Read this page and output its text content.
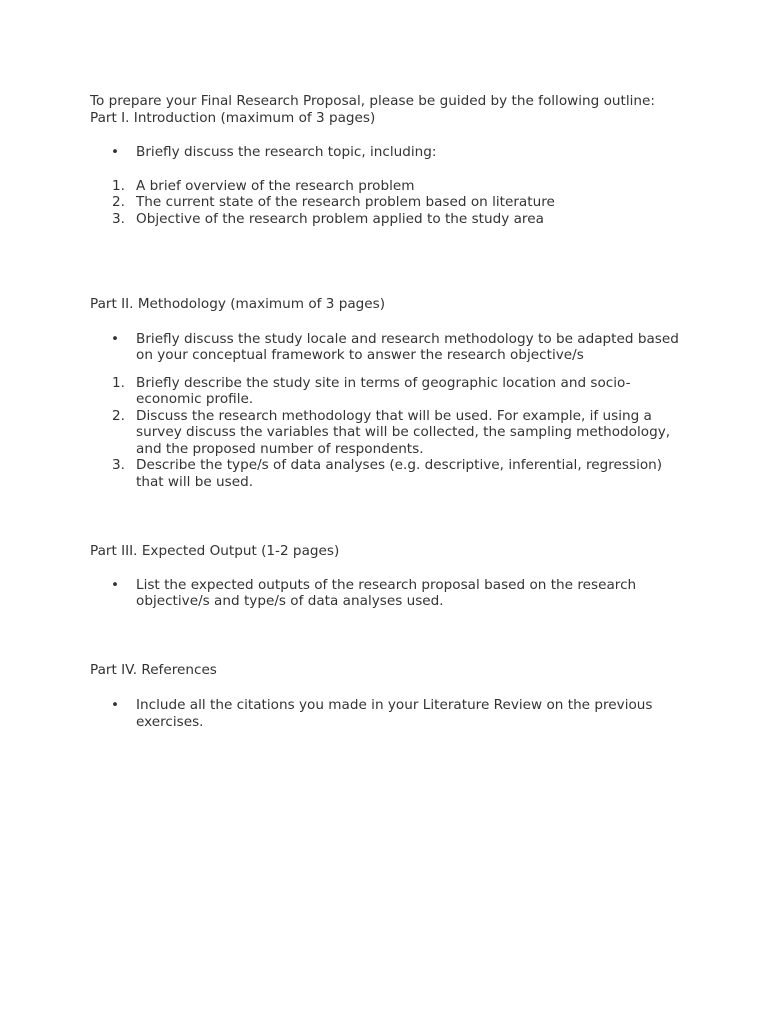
To prepare your Final Research Proposal, please be guided by the following outline:

Part I. Introduction (maximum of 3 pages)

• Briefly discuss the research topic, including:
1. A brief overview of the research problem
2. The current state of the research problem based on literature
3. Objective of the research problem applied to the study area

Part II. Methodology (maximum of 3 pages)

• Briefly discuss the study locale and research methodology to be adapted based on your conceptual framework to answer the research objective/s
1. Briefly describe the study site in terms of geographic location and socio-economic profile.
2. Discuss the research methodology that will be used. For example, if using a survey discuss the variables that will be collected, the sampling methodology, and the proposed number of respondents.
3. Describe the type/s of data analyses (e.g. descriptive, inferential, regression) that will be used.

Part III. Expected Output (1-2 pages)

• List the expected outputs of the research proposal based on the research objective/s and type/s of data analyses used.

Part IV. References

• Include all the citations you made in your Literature Review on the previous exercises.
